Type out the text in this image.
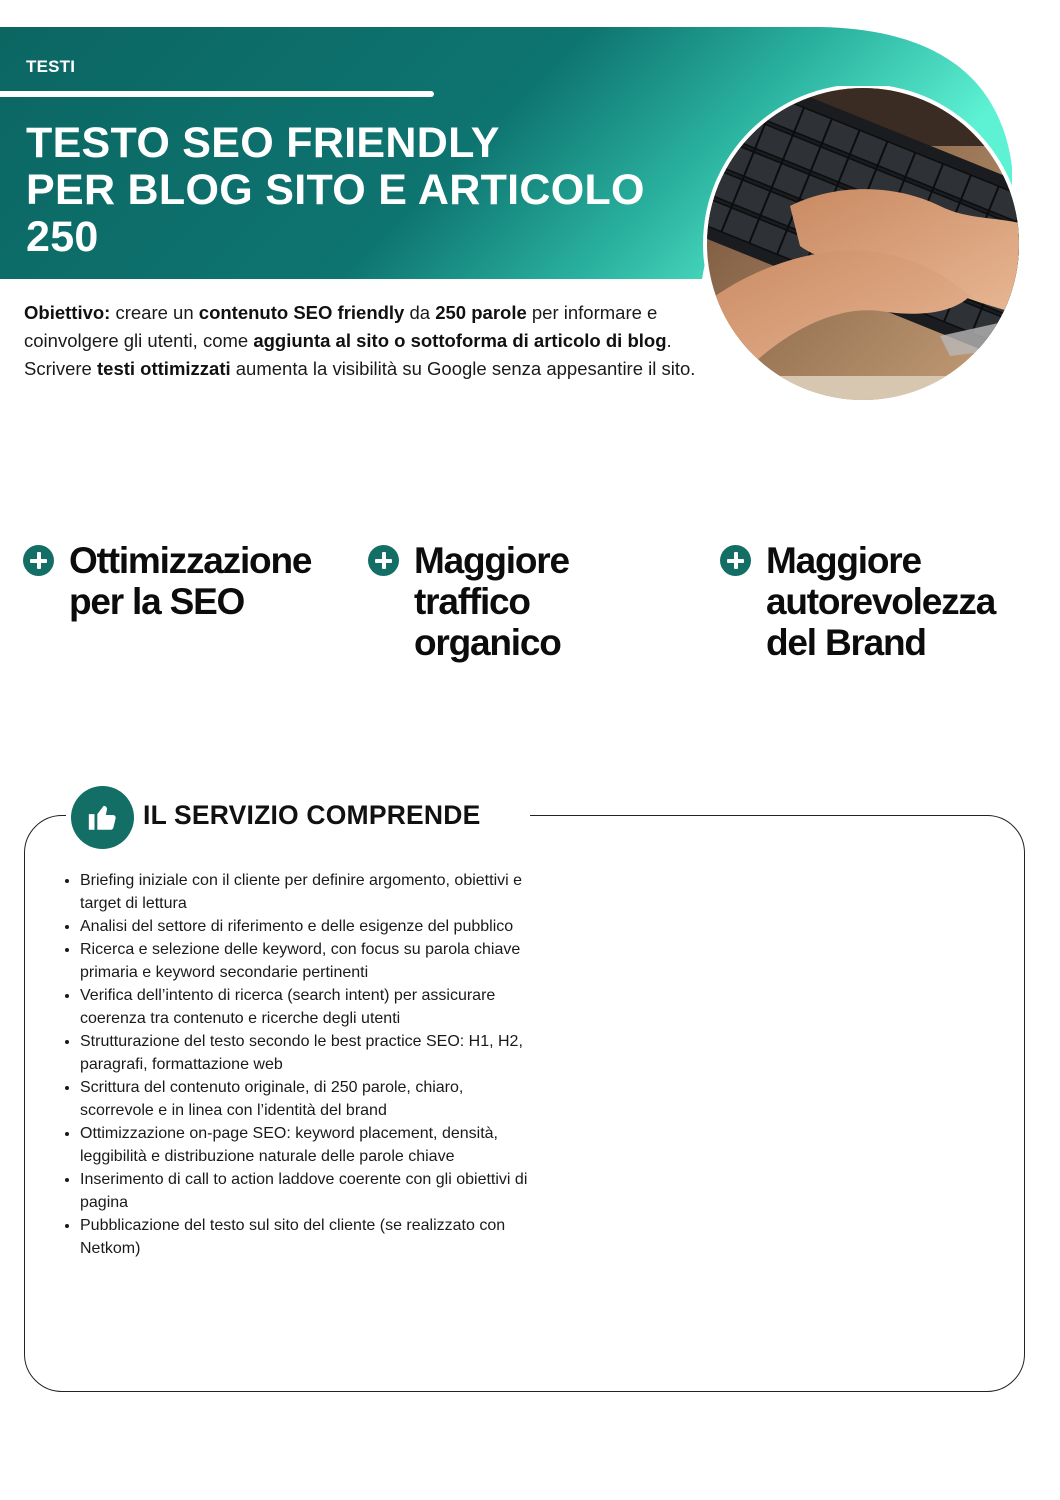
TESTI
TESTO SEO FRIENDLY
PER BLOG SITO E ARTICOLO
250

Obiettivo: creare un contenuto SEO friendly da 250 parole per informare e coinvolgere gli utenti, come aggiunta al sito o sottoforma di articolo di blog. Scrivere testi ottimizzati aumenta la visibilità su Google senza appesantire il sito.

Ottimizzazione
per la SEO
Maggiore
traffico
organico
Maggiore
autorevolezza
del Brand
IL SERVIZIO COMPRENDE
• Briefing iniziale con il cliente per definire argomento, obiettivi e target di lettura
• Analisi del settore di riferimento e delle esigenze del pubblico
• Ricerca e selezione delle keyword, con focus su parola chiave primaria e keyword secondarie pertinenti
• Verifica dell’intento di ricerca (search intent) per assicurare coerenza tra contenuto e ricerche degli utenti
• Strutturazione del testo secondo le best practice SEO: H1, H2, paragrafi, formattazione web
• Scrittura del contenuto originale, di 250 parole, chiaro, scorrevole e in linea con l’identità del brand
• Ottimizzazione on-page SEO: keyword placement, densità, leggibilità e distribuzione naturale delle parole chiave
• Inserimento di call to action laddove coerente con gli obiettivi di pagina
• Pubblicazione del testo sul sito del cliente (se realizzato con Netkom)
